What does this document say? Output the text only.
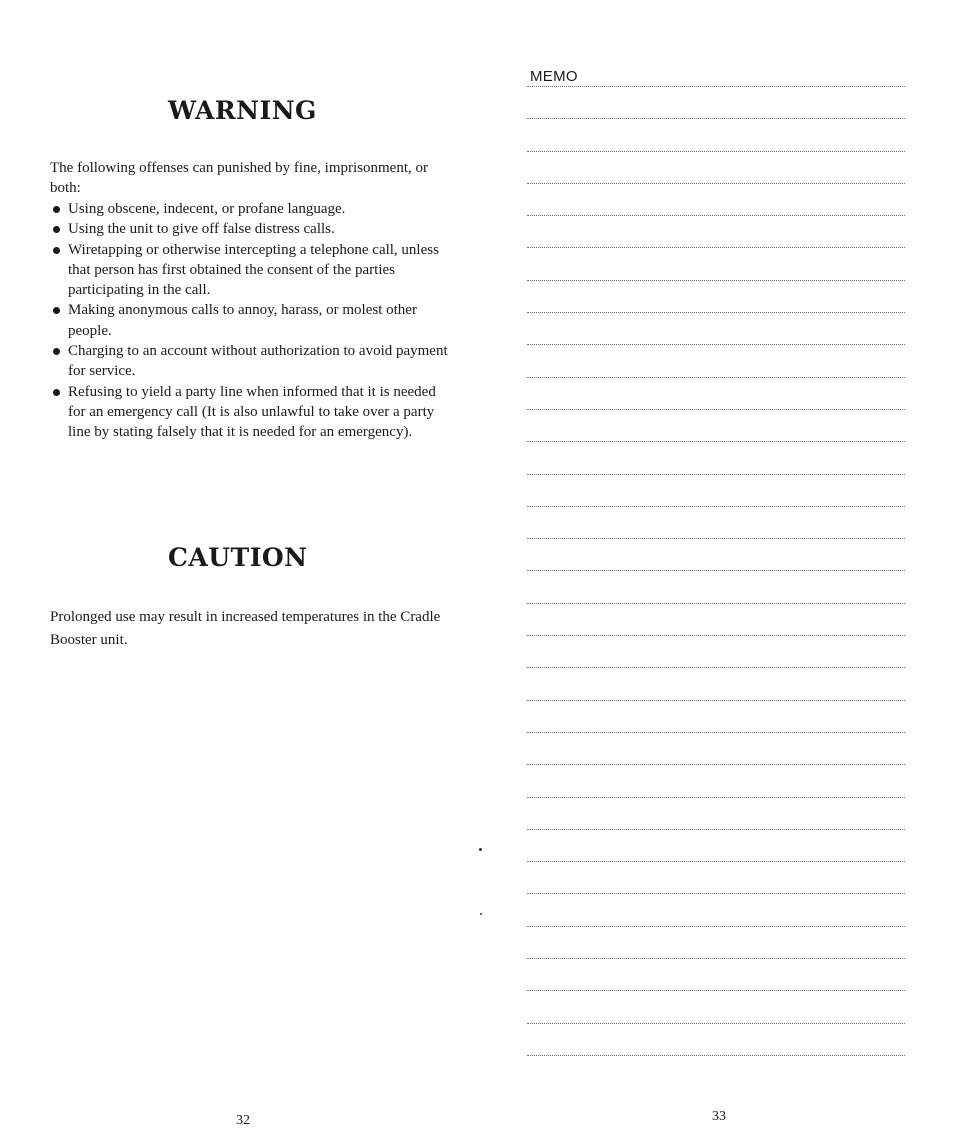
WARNING

The following offenses can punished by fine, imprisonment, or both:

Using obscene, indecent, or profane language.
Using the unit to give off false distress calls.
Wiretapping or otherwise intercepting a telephone call, unless that person has first obtained the consent of the parties participating in the call.
Making anonymous calls to annoy, harass, or molest other people.
Charging to an account without authorization to avoid payment for service.
Refusing to yield a party line when informed that it is needed for an emergency call (It is also unlawful to take over a party line by stating falsely that it is needed for an emergency).
CAUTION

Prolonged use may result in increased temperatures in the Cradle Booster unit.

32

MEMO

33
